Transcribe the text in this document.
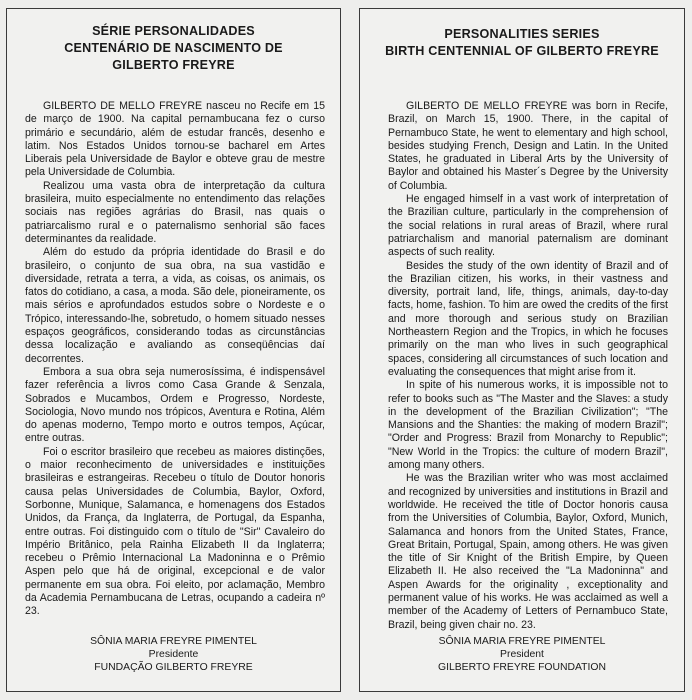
SÉRIE PERSONALIDADES
CENTENÁRIO DE NASCIMENTO DE
GILBERTO FREYRE

GILBERTO DE MELLO FREYRE nasceu no Recife em 15 de março de 1900. Na capital pernambucana fez o curso primário e secundário, além de estudar francês, desenho e latim. Nos Estados Unidos tornou-se bacharel em Artes Liberais pela Universidade de Baylor e obteve grau de mestre pela Universidade de Columbia.

Realizou uma vasta obra de interpretação da cultura brasileira, muito especialmente no entendimento das relações sociais nas regiões agrárias do Brasil, nas quais o patriarcalismo rural e o paternalismo senhorial são faces determinantes da realidade.

Além do estudo da própria identidade do Brasil e do brasileiro, o conjunto de sua obra, na sua vastidão e diversidade, retrata a terra, a vida, as coisas, os animais, os fatos do cotidiano, a casa, a moda. São dele, pioneiramente, os mais sérios e aprofundados estudos sobre o Nordeste e o Trópico, interessando-lhe, sobretudo, o homem situado nesses espaços geográficos, considerando todas as circunstâncias dessa localização e avaliando as conseqüências daí decorrentes.

Embora a sua obra seja numerosíssima, é indispensável fazer referência a livros como Casa Grande & Senzala, Sobrados e Mucambos, Ordem e Progresso, Nordeste, Sociologia, Novo mundo nos trópicos, Aventura e Rotina, Além do apenas moderno, Tempo morto e outros tempos, Açúcar, entre outras.

Foi o escritor brasileiro que recebeu as maiores distinções, o maior reconhecimento de universidades e instituições brasileiras e estrangeiras. Recebeu o título de Doutor honoris causa pelas Universidades de Columbia, Baylor, Oxford, Sorbonne, Munique, Salamanca, e homenagens dos Estados Unidos, da França, da Inglaterra, de Portugal, da Espanha, entre outras. Foi distinguido com o título de "Sir" Cavaleiro do Império Britânico, pela Rainha Elizabeth II da Inglaterra; recebeu o Prêmio Internacional La Madoninna e o Prêmio Aspen pelo que há de original, excepcional e de valor permanente em sua obra. Foi eleito, por aclamação, Membro da Academia Pernambucana de Letras, ocupando a cadeira nº 23.

SÔNIA MARIA FREYRE PIMENTEL
Presidente
FUNDAÇÃO GILBERTO FREYRE
PERSONALITIES SERIES
BIRTH CENTENNIAL OF GILBERTO FREYRE

GILBERTO DE MELLO FREYRE was born in Recife, Brazil, on March 15, 1900. There, in the capital of Pernambuco State, he went to elementary and high school, besides studying French, Design and Latin. In the United States, he graduated in Liberal Arts by the University of Baylor and obtained his Master´s Degree by the University of Columbia.

He engaged himself in a vast work of interpretation of the Brazilian culture, particularly in the comprehension of the social relations in rural areas of Brazil, where rural patriarchalism and manorial paternalism are dominant aspects of such reality.

Besides the study of the own identity of Brazil and of the Brazilian citizen, his works, in their vastness and diversity, portrait land, life, things, animals, day-to-day facts, home, fashion. To him are owed the credits of the first and more thorough and serious study on Brazilian Northeastern Region and the Tropics, in which he focuses primarily on the man who lives in such geographical spaces, considering all circumstances of such location and evaluating the consequences that might arise from it.

In spite of his numerous works, it is impossible not to refer to books such as "The Master and the Slaves: a study in the development of the Brazilian Civilization"; "The Mansions and the Shanties: the making of modern Brazil"; "Order and Progress: Brazil from Monarchy to Republic"; "New World in the Tropics: the culture of modern Brazil", among many others.

He was the Brazilian writer who was most acclaimed and recognized by universities and institutions in Brazil and worldwide. He received the title of Doctor honoris causa from the Universities of Columbia, Baylor, Oxford, Munich, Salamanca and honors from the United States, France, Great Britain, Portugal, Spain, among others. He was given the title of Sir Knight of the British Empire, by Queen Elizabeth II. He also received the "La Madoninna" and Aspen Awards for the originality , exceptionality and permanent value of his works. He was acclaimed as well a member of the Academy of Letters of Pernambuco State, Brazil, being given chair no. 23.

SÔNIA MARIA FREYRE PIMENTEL
President
GILBERTO FREYRE FOUNDATION
